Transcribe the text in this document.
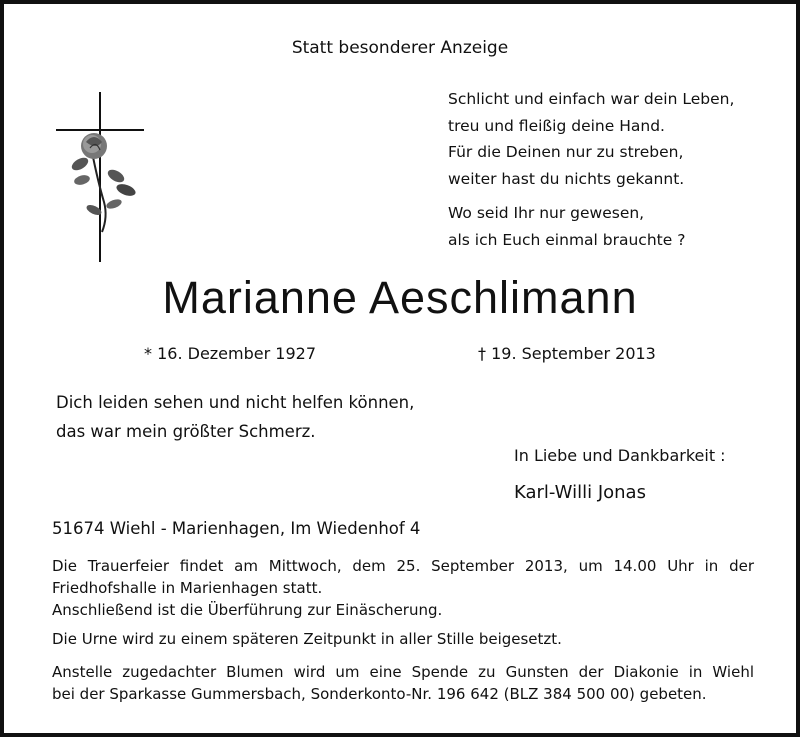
Statt besonderer Anzeige
Schlicht und einfach war dein Leben,
treu und fleißig deine Hand.
Für die Deinen nur zu streben,
weiter hast du nichts gekannt.
Wo seid Ihr nur gewesen,
als ich Euch einmal brauchte ?
Marianne Aeschlimann
* 16. Dezember 1927	† 19. September 2013
Dich leiden sehen und nicht helfen können,
das war mein größter Schmerz.
In Liebe und Dankbarkeit :
Karl-Willi Jonas
51674 Wiehl - Marienhagen, Im Wiedenhof 4
Die Trauerfeier findet am Mittwoch, dem 25. September 2013, um 14.00 Uhr in der
Friedhofshalle in Marienhagen statt.
Anschließend ist die Überführung zur Einäscherung.
Die Urne wird zu einem späteren Zeitpunkt in aller Stille beigesetzt.
Anstelle zugedachter Blumen wird um eine Spende zu Gunsten der Diakonie in Wiehl
bei der Sparkasse Gummersbach, Sonderkonto-Nr. 196 642 (BLZ 384 500 00) gebeten.
